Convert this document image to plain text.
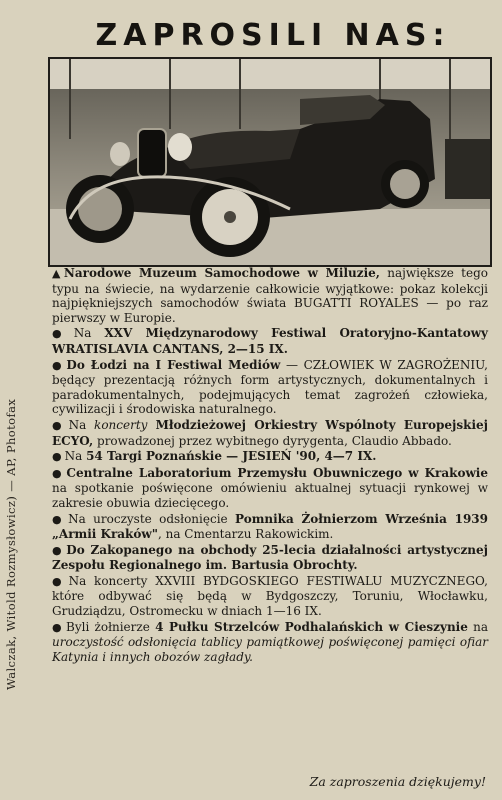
Walczak, Witold Rozmysłowicz) — AP, Photofax
ZAPROSILI NAS:

▲Narodowe Muzeum Samochodowe w Miluzie, największe tego typu na świecie, na wydarzenie całkowicie wyjątkowe: pokaz kolekcji najpiękniejszych samochodów świata BUGATTI ROYALES — po raz pierwszy w Europie.

● Na XXV Międzynarodowy Festiwal Oratoryjno-Kantatowy WRATISLAVIA CANTANS, 2—15 IX.

● Do Łodzi na I Festiwal Mediów — CZŁOWIEK W ZAGROŻENIU, będący prezentacją różnych form artystycznych, dokumentalnych i paradokumentalnych, podejmujących temat zagrożeń człowieka, cywilizacji i środowiska naturalnego.

● Na koncerty Młodzieżowej Orkiestry Wspólnoty Europejskiej ECYO, prowadzonej przez wybitnego dyrygenta, Claudio Abbado.

● Na 54 Targi Poznańskie — JESIEŃ '90, 4—7 IX.

● Centralne Laboratorium Przemysłu Obuwniczego w Krakowie na spotkanie poświęcone omówieniu aktualnej sytuacji rynkowej w zakresie obuwia dziecięcego.

● Na uroczyste odsłonięcie Pomnika Żołnierzom Września 1939 „Armii Kraków", na Cmentarzu Rakowickim.

● Do Zakopanego na obchody 25-lecia działalności artystycznej Zespołu Regionalnego im. Bartusia Obrochty.

● Na koncerty XXVIII BYDGOSKIEGO FESTIWALU MUZYCZNEGO, które odbywać się będą w Bydgoszczy, Toruniu, Włocławku, Grudziądzu, Ostromecku w dniach 1—16 IX.

● Byli żołnierze 4 Pułku Strzelców Podhalańskich w Cieszynie na uroczystość odsłonięcia tablicy pamiątkowej poświęconej pamięci ofiar Katynia i innych obozów zagłady.

Za zaproszenia dziękujemy!
